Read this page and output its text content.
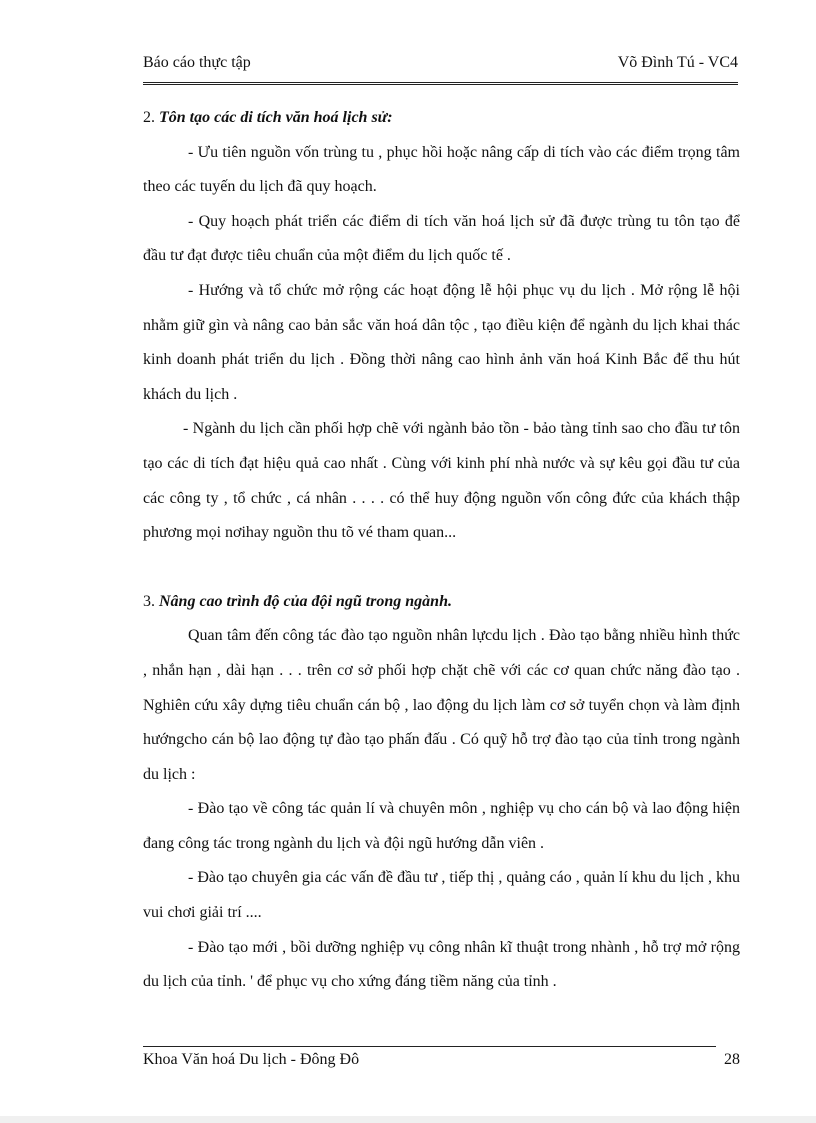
Báo cáo thực tập	Võ Đình Tú - VC4

2. Tôn tạo các di tích văn hoá lịch sử:

- Ưu tiên nguồn vốn trùng tu , phục hồi hoặc nâng cấp di tích vào các điểm trọng tâm theo các tuyến du lịch đã quy hoạch.

- Quy hoạch phát triển các điểm di tích văn hoá lịch sử đã được trùng tu tôn tạo để đầu tư đạt được tiêu chuẩn của một điểm du lịch quốc tế .

- Hướng và tổ chức mở rộng các hoạt động lễ hội phục vụ du lịch . Mở rộng lễ hội nhằm giữ gìn và nâng cao bản sắc văn hoá dân tộc , tạo điều kiện để ngành du lịch khai thác kinh doanh phát triển du lịch . Đồng thời nâng cao hình ảnh văn hoá Kinh Bắc để thu hút khách du lịch .

- Ngành du lịch cần phối hợp chẽ với ngành bảo tồn - bảo tàng tỉnh sao cho đầu tư tôn tạo các di tích đạt hiệu quả cao nhất . Cùng với kinh phí nhà nước và sự kêu gọi đầu tư của các công ty , tổ chức , cá nhân . . . . có thể huy động nguồn vốn công đức của khách thập phương mọi nơihay nguồn thu tõ vé tham quan...

3. Nâng cao trình độ của đội ngũ trong ngành.

Quan tâm đến công tác đào tạo nguồn nhân lựcdu lịch . Đào tạo bằng nhiều hình thức , nhắn hạn , dài hạn . . . trên cơ sở phối hợp chặt chẽ với các cơ quan chức năng đào tạo . Nghiên cứu xây dựng tiêu chuẩn cán bộ , lao động du lịch làm cơ sở tuyển chọn và làm định hướngcho cán bộ lao động tự đào tạo phấn đấu . Có quỹ hỗ trợ đào tạo của tỉnh trong ngành du lịch :

- Đào tạo về công tác quản lí và chuyên môn , nghiệp vụ cho cán bộ và lao động hiện đang công tác trong ngành du lịch và đội ngũ hướng dẫn viên .

- Đào tạo chuyên gia các vấn đề đầu tư , tiếp thị , quảng cáo , quản lí khu du lịch , khu vui chơi giải trí ....

- Đào tạo mới , bồi dưỡng nghiệp vụ công nhân kĩ thuật trong nhành , hỗ trợ mở rộng du lịch của tỉnh. ' để phục vụ cho xứng đáng tiềm năng của tỉnh .

Khoa Văn hoá Du lịch - Đông Đô	28
